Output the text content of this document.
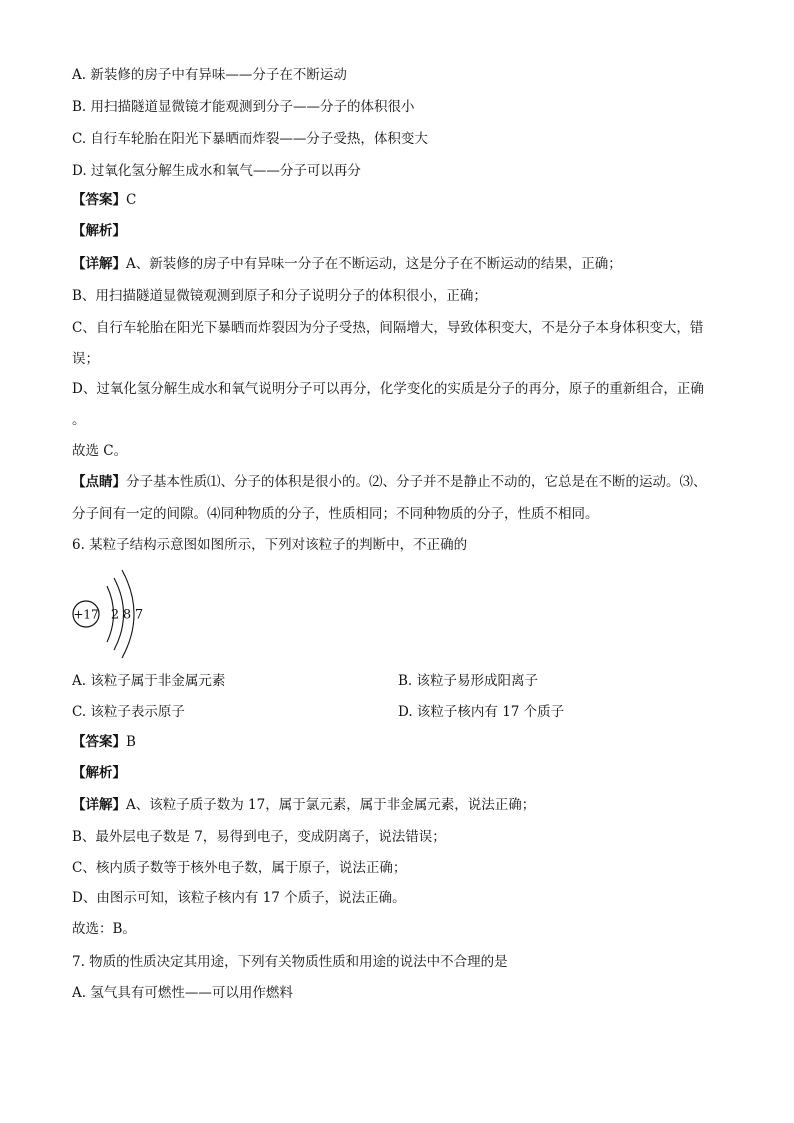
A. 新装修的房子中有异味——分子在不断运动
B. 用扫描隧道显微镜才能观测到分子——分子的体积很小
C. 自行车轮胎在阳光下暴晒而炸裂——分子受热，体积变大
D. 过氧化氢分解生成水和氧气——分子可以再分
【答案】C
【解析】
【详解】A、新装修的房子中有异味一分子在不断运动，这是分子在不断运动的结果，正确；
B、用扫描隧道显微镜观测到原子和分子说明分子的体积很小，正确；
C、自行车轮胎在阳光下暴晒而炸裂因为分子受热，间隔增大，导致体积变大，不是分子本身体积变大，错
误；
D、过氧化氢分解生成水和氧气说明分子可以再分，化学变化的实质是分子的再分，原子的重新组合，正确
。
故选 C。
【点睛】分子基本性质⑴、分子的体积是很小的。⑵、分子并不是静止不动的，它总是在不断的运动。⑶、
分子间有一定的间隙。⑷同种物质的分子，性质相同；不同种物质的分子，性质不相同。
6. 某粒子结构示意图如图所示，下列对该粒子的判断中，不正确的
+17 2 8 7
A. 该粒子属于非金属元素	B. 该粒子易形成阳离子
C. 该粒子表示原子	D. 该粒子核内有 17 个质子
【答案】B
【解析】
【详解】A、该粒子质子数为 17，属于氯元素，属于非金属元素，说法正确；
B、最外层电子数是 7，易得到电子，变成阴离子，说法错误；
C、核内质子数等于核外电子数，属于原子，说法正确；
D、由图示可知，该粒子核内有 17 个质子，说法正确。
故选：B。
7. 物质的性质决定其用途，下列有关物质性质和用途的说法中不合理的是
A. 氢气具有可燃性——可以用作燃料
